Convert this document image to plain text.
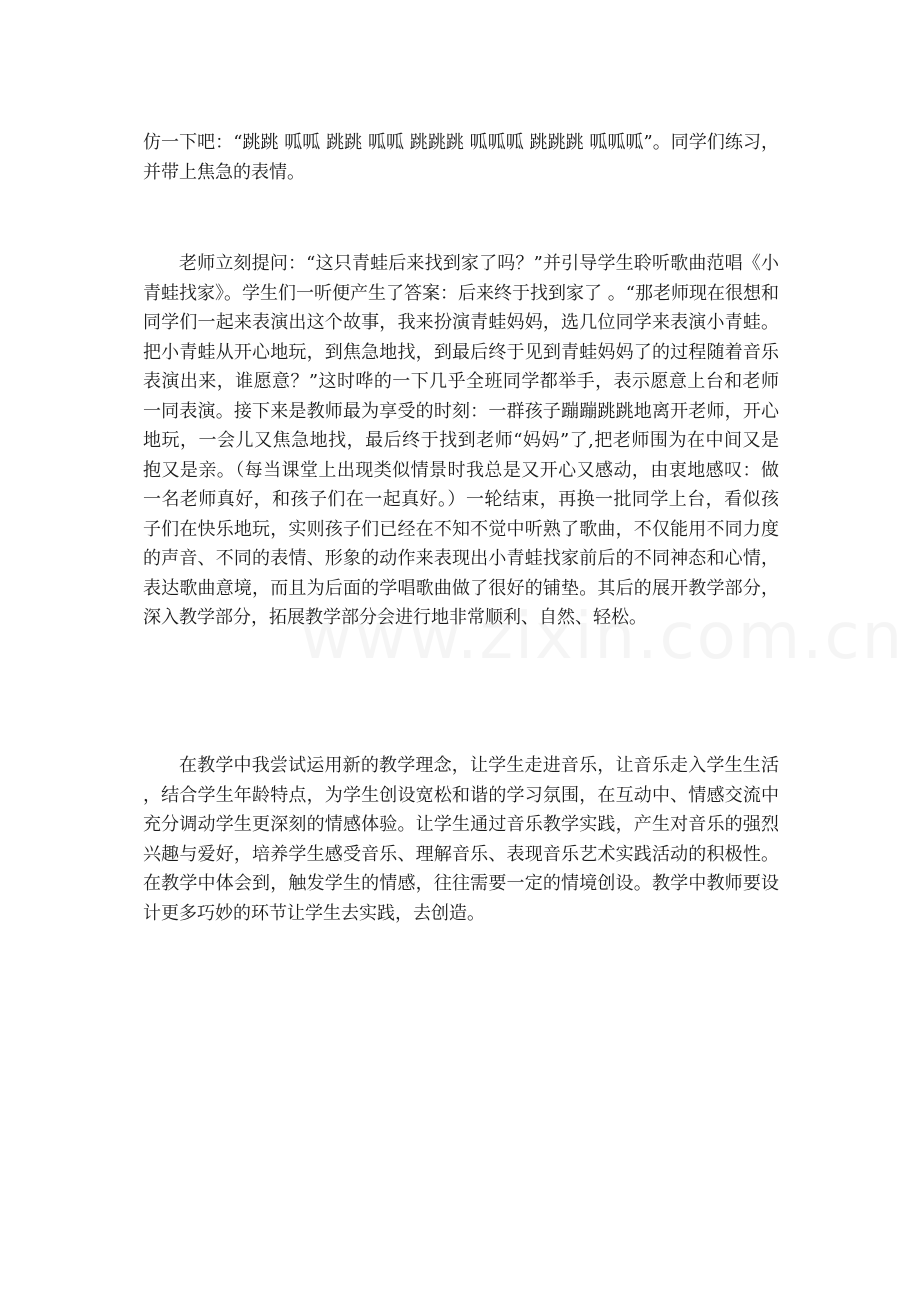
仿一下吧：“跳跳 呱呱 跳跳 呱呱 跳跳跳 呱呱呱 跳跳跳 呱呱呱”。同学们练习，并带上焦急的表情。

老师立刻提问：“这只青蛙后来找到家了吗？”并引导学生聆听歌曲范唱《小青蛙找家》。学生们一听便产生了答案：后来终于找到家了 。“那老师现在很想和同学们一起来表演出这个故事，我来扮演青蛙妈妈，选几位同学来表演小青蛙。把小青蛙从开心地玩，到焦急地找，到最后终于见到青蛙妈妈了的过程随着音乐表演出来，谁愿意？”这时哗的一下几乎全班同学都举手，表示愿意上台和老师一同表演。接下来是教师最为享受的时刻：一群孩子蹦蹦跳跳地离开老师，开心地玩，一会儿又焦急地找，最后终于找到老师“妈妈”了,把老师围为在中间又是抱又是亲。（每当课堂上出现类似情景时我总是又开心又感动，由衷地感叹：做一名老师真好，和孩子们在一起真好。）一轮结束，再换一批同学上台，看似孩子们在快乐地玩，实则孩子们已经在不知不觉中听熟了歌曲，不仅能用不同力度的声音、不同的表情、形象的动作来表现出小青蛙找家前后的不同神态和心情，表达歌曲意境，而且为后面的学唱歌曲做了很好的铺垫。其后的展开教学部分，深入教学部分，拓展教学部分会进行地非常顺利、自然、轻松。

在教学中我尝试运用新的教学理念，让学生走进音乐，让音乐走入学生生活，结合学生年龄特点，为学生创设宽松和谐的学习氛围，在互动中、情感交流中充分调动学生更深刻的情感体验。让学生通过音乐教学实践，产生对音乐的强烈兴趣与爱好，培养学生感受音乐、理解音乐、表现音乐艺术实践活动的积极性。在教学中体会到，触发学生的情感，往往需要一定的情境创设。教学中教师要设计更多巧妙的环节让学生去实践，去创造。
